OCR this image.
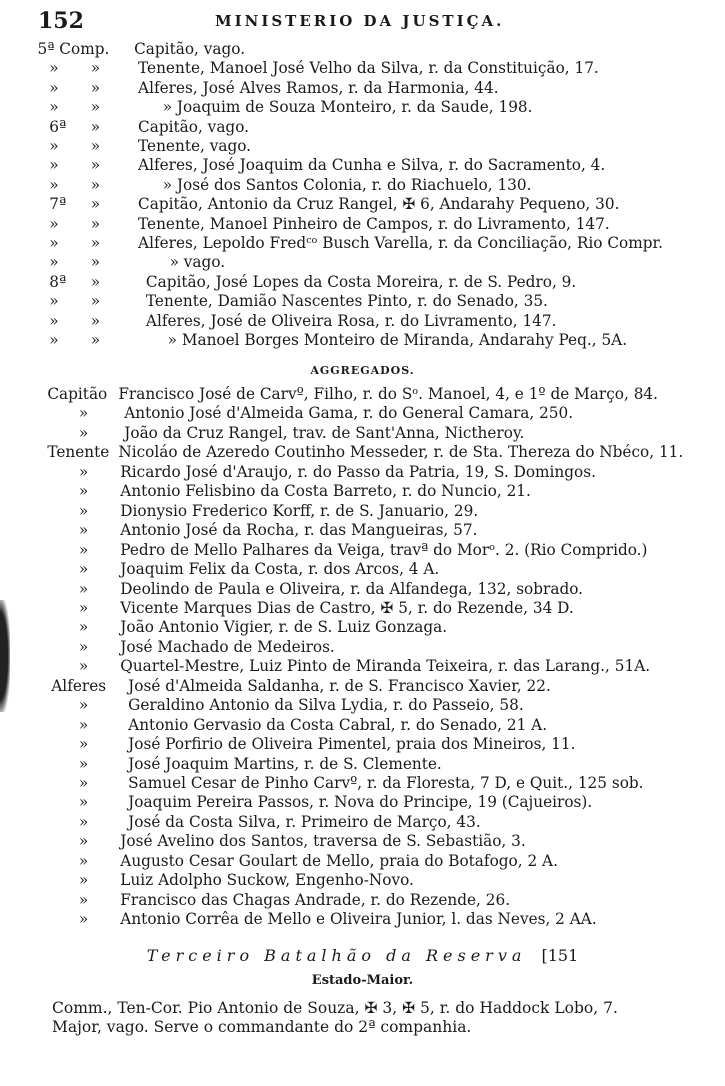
152	MINISTERIO DA JUSTIÇA.
5ª Comp. Capitão, vago.
» » Tenente, Manoel José Velho da Silva, r. da Constituição, 17.
» » Alferes, José Alves Ramos, r. da Harmonia, 44.
» »	» Joaquim de Souza Monteiro, r. da Saude, 198.
6ª » Capitão, vago.
» » Tenente, vago.
» » Alferes, José Joaquim da Cunha e Silva, r. do Sacramento, 4.
» »	» José dos Santos Colonia, r. do Riachuelo, 130.
7ª » Capitão, Antonio da Cruz Rangel, ✠ 6, Andarahy Pequeno, 30.
» » Tenente, Manoel Pinheiro de Campos, r. do Livramento, 147.
» » Alferes, Lepoldo Fredᶜᵒ Busch Varella, r. da Conciliação, Rio Compr.
» »	» vago.
8ª »	Capitão, José Lopes da Costa Moreira, r. de S. Pedro, 9.
» »	Tenente, Damião Nascentes Pinto, r. do Senado, 35.
» »	Alferes, José de Oliveira Rosa, r. do Livramento, 147.
» »	» Manoel Borges Monteiro de Miranda, Andarahy Peq., 5A.
AGGREGADOS.
Capitão Francisco José de Carvº, Filho, r. do Sᵒ. Manoel, 4, e 1º de Março, 84.
» Antonio José d'Almeida Gama, r. do General Camara, 250.
» João da Cruz Rangel, trav. de Sant'Anna, Nictheroy.
Tenente Nicoláo de Azeredo Coutinho Messeder, r. de Sta. Thereza do Nbéco, 11.
» Ricardo José d'Araujo, r. do Passo da Patria, 19, S. Domingos.
» Antonio Felisbino da Costa Barreto, r. do Nuncio, 21.
» Dionysio Frederico Korff, r. de S. Januario, 29.
» Antonio José da Rocha, r. das Mangueiras, 57.
» Pedro de Mello Palhares da Veiga, travª do Morᵒ. 2. (Rio Comprido.)
» Joaquim Felix da Costa, r. dos Arcos, 4 A.
» Deolindo de Paula e Oliveira, r. da Alfandega, 132, sobrado.
» Vicente Marques Dias de Castro, ✠ 5, r. do Rezende, 34 D.
» João Antonio Vigier, r. de S. Luiz Gonzaga.
» José Machado de Medeiros.
» Quartel-Mestre, Luiz Pinto de Miranda Teixeira, r. das Larang., 51A.
Alferes José d'Almeida Saldanha, r. de S. Francisco Xavier, 22.
»	Geraldino Antonio da Silva Lydia, r. do Passeio, 58.
»	Antonio Gervasio da Costa Cabral, r. do Senado, 21 A.
»	José Porfirio de Oliveira Pimentel, praia dos Mineiros, 11.
»	José Joaquim Martins, r. de S. Clemente.
»	Samuel Cesar de Pinho Carvº, r. da Floresta, 7 D, e Quit., 125 sob.
»	Joaquim Pereira Passos, r. Nova do Principe, 19 (Cajueiros).
»	José da Costa Silva, r. Primeiro de Março, 43.
» José Avelino dos Santos, traversa de S. Sebastião, 3.
» Augusto Cesar Goulart de Mello, praia do Botafogo, 2 A.
» Luiz Adolpho Suckow, Engenho-Novo.
» Francisco das Chagas Andrade, r. do Rezende, 26.
» Antonio Corrêa de Mello e Oliveira Junior, l. das Neves, 2 AA.
Terceiro Batalhão da Reserva [151
Estado-Maior.
Comm., Ten-Cor. Pio Antonio de Souza, ✠ 3, ✠ 5, r. do Haddock Lobo, 7.
Major, vago. Serve o commandante do 2ª companhia.
